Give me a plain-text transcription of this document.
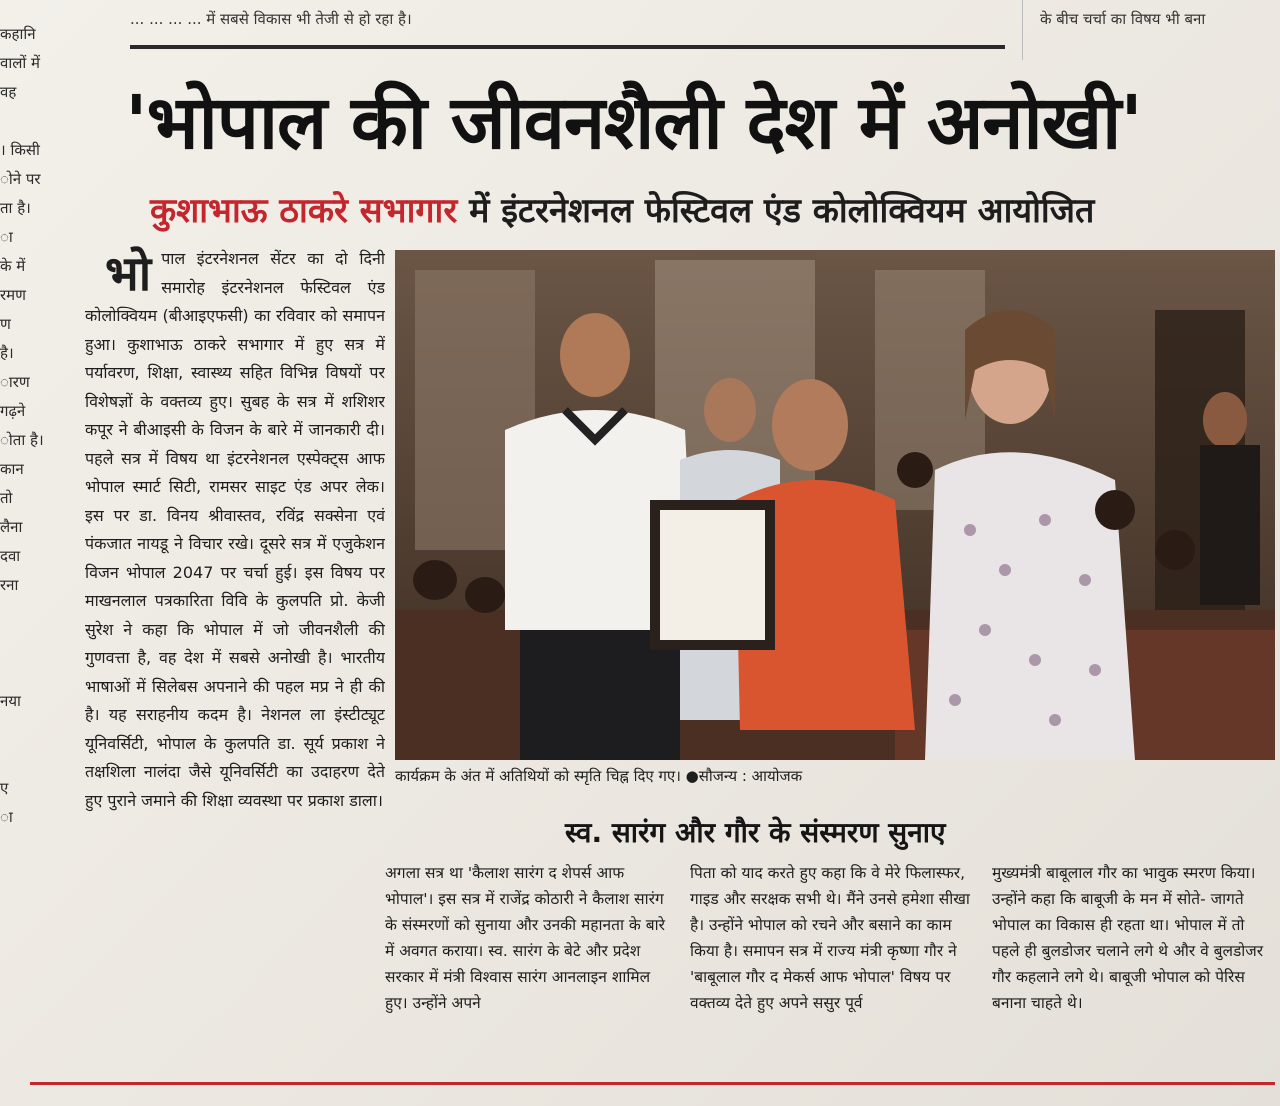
... ... ... ... में सबसे विकास भी तेजी से हो रहा है।	के बीच चर्चा का विषय भी बना
कहानि
वालों में
वह

। किसी
ोने पर
ता है।
ा
के में
रमण
ण
है।
ारण
गढ़ने
ोता है।
कान
तो
लैना
दवा
रना

नया

ए
ा
'भोपाल की जीवनशैली देश में अनोखी'
कुशाभाऊ ठाकरे सभागार में इंटरनेशनल फेस्टिवल एंड कोलोक्वियम आयोजित
भो पाल इंटरनेशनल सेंटर का दो दिनी समारोह इंटरनेशनल फेस्टिवल एंड कोलोक्वियम (बीआइएफसी) का रविवार को समापन हुआ। कुशाभाऊ ठाकरे सभागार में हुए सत्र में पर्यावरण, शिक्षा, स्वास्थ्य सहित विभिन्न विषयों पर विशेषज्ञों के वक्तव्य हुए। सुबह के सत्र में शशिशर कपूर ने बीआइसी के विजन के बारे में जानकारी दी। पहले सत्र में विषय था इंटरनेशनल एस्पेक्ट्स आफ भोपाल स्मार्ट सिटी, रामसर साइट एंड अपर लेक। इस पर डा. विनय श्रीवास्तव, रविंद्र सक्सेना एवं पंकजात नायडू ने विचार रखे। दूसरे सत्र में एजुकेशन विजन भोपाल 2047 पर चर्चा हुई। इस विषय पर माखनलाल पत्रकारिता विवि के कुलपति प्रो. केजी सुरेश ने कहा कि भोपाल में जो जीवनशैली की गुणवत्ता है, वह देश में सबसे अनोखी है। भारतीय भाषाओं में सिलेबस अपनाने की पहल मप्र ने ही की है। यह सराहनीय कदम है। नेशनल ला इंस्टीट्यूट यूनिवर्सिटी, भोपाल के कुलपति डा. सूर्य प्रकाश ने तक्षशिला नालंदा जैसे यूनिवर्सिटी का उदाहरण देते हुए पुराने जमाने की शिक्षा व्यवस्था पर प्रकाश डाला।
कार्यक्रम के अंत में अतिथियों को स्मृति चिह्न दिए गए। ●सौजन्य : आयोजक
स्व. सारंग और गौर के संस्मरण सुनाए
अगला सत्र था 'कैलाश सारंग द शेपर्स आफ भोपाल'। इस सत्र में राजेंद्र कोठारी ने कैलाश सारंग के संस्मरणों को सुनाया और उनकी महानता के बारे में अवगत कराया। स्व. सारंग के बेटे और प्रदेश सरकार में मंत्री विश्वास सारंग आनलाइन शामिल हुए। उन्होंने अपने
पिता को याद करते हुए कहा कि वे मेरे फिलास्फर, गाइड और सरक्षक सभी थे। मैंने उनसे हमेशा सीखा है। उन्होंने भोपाल को रचने और बसाने का काम किया है। समापन सत्र में राज्य मंत्री कृष्णा गौर ने 'बाबूलाल गौर द मेकर्स आफ भोपाल' विषय पर वक्तव्य देते हुए अपने ससुर पूर्व
मुख्यमंत्री बाबूलाल गौर का भावुक स्मरण किया। उन्होंने कहा कि बाबूजी के मन में सोते- जागते भोपाल का विकास ही रहता था। भोपाल में तो पहले ही बुलडोजर चलाने लगे थे और वे बुलडोजर गौर कहलाने लगे थे। बाबूजी भोपाल को पेरिस बनाना चाहते थे।
